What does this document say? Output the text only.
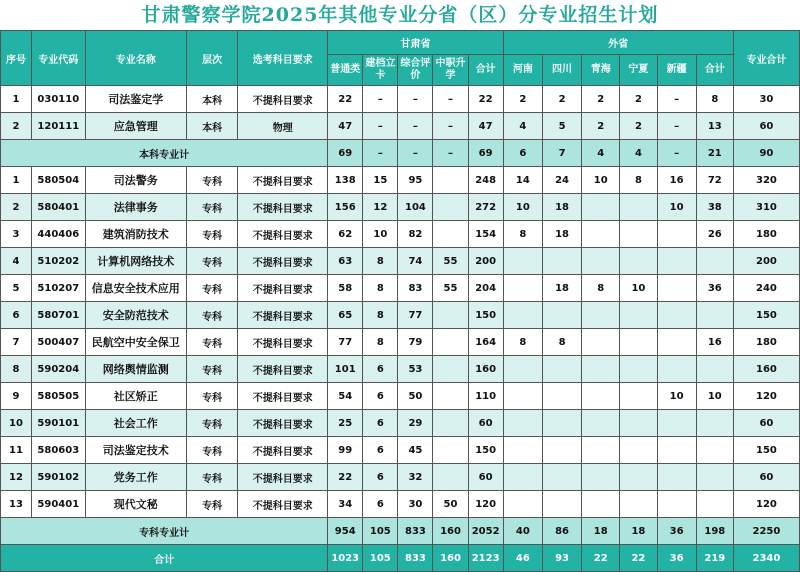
甘肃警察学院2025年其他专业分省（区）分专业招生计划
序号	专业代码	专业名称	层次	选考科目要求	甘肃省					外省						专业合计
					普通类	建档立卡	综合评价	中职升学	合计	河南	四川	青海	宁夏	新疆	合计	
1	030110	司法鉴定学	本科	不提科目要求	22	–	–	–	22	2	2	2	2	–	8	30
2	120111	应急管理	本科	物理	47	–	–	–	47	4	5	2	2	–	13	60
本科专业计					69	–	–	–	69	6	7	4	4	–	21	90
1	580504	司法警务	专科	不提科目要求	138	15	95		248	14	24	10	8	16	72	320
2	580401	法律事务	专科	不提科目要求	156	12	104		272	10	18			10	38	310
3	440406	建筑消防技术	专科	不提科目要求	62	10	82		154	8	18				26	180
4	510202	计算机网络技术	专科	不提科目要求	63	8	74	55	200							200
5	510207	信息安全技术应用	专科	不提科目要求	58	8	83	55	204		18	8	10		36	240
6	580701	安全防范技术	专科	不提科目要求	65	8	77		150							150
7	500407	民航空中安全保卫	专科	不提科目要求	77	8	79		164	8	8				16	180
8	590204	网络舆情监测	专科	不提科目要求	101	6	53		160							160
9	580505	社区矫正	专科	不提科目要求	54	6	50		110					10	10	120
10	590101	社会工作	专科	不提科目要求	25	6	29		60							60
11	580603	司法鉴定技术	专科	不提科目要求	99	6	45		150							150
12	590102	党务工作	专科	不提科目要求	22	6	32		60							60
13	590401	现代文秘	专科	不提科目要求	34	6	30	50	120							120
专科专业计					954	105	833	160	2052	40	86	18	18	36	198	2250
合计					1023	105	833	160	2123	46	93	22	22	36	219	2340
